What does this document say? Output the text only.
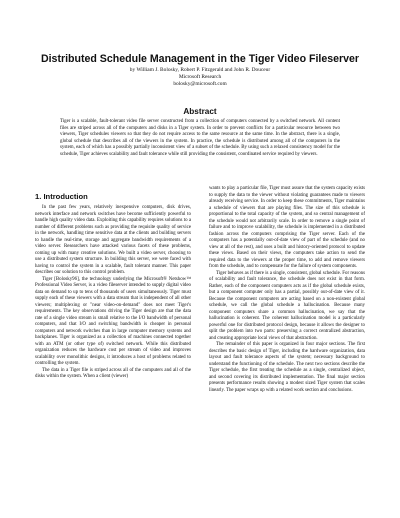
Distributed Schedule Management in the Tiger Video Fileserver
by William J. Bolosky, Robert P. Fitzgerald and John R. Douceur
Microsoft Research
bolosky@microsoft.com
Abstract
Tiger is a scalable, fault-tolerant video file server constructed from a collection of computers connected by a switched network. All content files are striped across all of the computers and disks in a Tiger system. In order to prevent conflicts for a particular resource between two viewers, Tiger schedules viewers so that they do not require access to the same resource at the same time. In the abstract, there is a single, global schedule that describes all of the viewers in the system. In practice, the schedule is distributed among all of the computers in the system, each of which has a possibly partially inconsistent view of a subset of the schedule. By using such a relaxed consistency model for the schedule, Tiger achieves scalability and fault tolerance while still providing the consistent, coordinated service required by viewers.
1. Introduction

In the past few years, relatively inexpensive computers, disk drives, network interface and network switches have become sufficiently powerful to handle high quality video data. Exploiting this capability requires solutions to a number of different problems such as providing the requisite quality of service in the network, handling time sensitive data at the clients and building servers to handle the real-time, storage and aggregate bandwidth requirements of a video server. Researchers have attacked various facets of these problems, coming up with many creative solutions. We built a video server, choosing to use a distributed system structure. In building this server, we were faced with having to control the system in a scalable, fault tolerant manner. This paper describes our solution to this control problem.

Tiger [Bolosky96], the technology underlying the Microsoft® Netshow™ Professional Video Server, is a video fileserver intended to supply digital video data on demand to up to tens of thousands of users simultaneously. Tiger must supply each of these viewers with a data stream that is independent of all other viewers; multiplexing or "near video-on-demand" does not meet Tiger's requirements. The key observations driving the Tiger design are that the data rate of a single video stream is small relative to the I/O bandwidth of personal computers, and that I/O and switching bandwidth is cheaper in personal computers and network switches than in large computer memory systems and backplanes. Tiger is organized as a collection of machines connected together with an ATM (or other type of) switched network. While this distributed organization reduces the hardware cost per stream of video and improves scalability over monolithic designs, it introduces a host of problems related to controlling the system.

The data in a Tiger file is striped across all of the computers and all of the disks within the system. When a client (viewer)

wants to play a particular file, Tiger must assure that the system capacity exists to supply the data to the viewer without violating guarantees made to viewers already receiving service. In order to keep these commitments, Tiger maintains a schedule of viewers that are playing files. The size of this schedule is proportional to the total capacity of the system, and so central management of the schedule would not arbitrarily scale. In order to remove a single point of failure and to improve scalability, the schedule is implemented in a distributed fashion across the computers comprising the Tiger server. Each of the computers has a potentially out-of-date view of part of the schedule (and no view at all of the rest), and uses a built and history-oriented protocol to update these views. Based on their views, the computers take action to send the required data to the viewers at the proper time, to add and remove viewers from the schedule, and to compensate for the failure of system components.

Tiger behaves as if there is a single, consistent, global schedule. For reasons of scalability and fault tolerance, the schedule does not exist in that form. Rather, each of the component computers acts as if the global schedule exists, but a component computer only has a partial, possibly out-of-date view of it. Because the component computers are acting based on a non-existent global schedule, we call the global schedule a hallucination. Because many component computers share a common hallucination, we say that the hallucination is coherent. The coherent hallucination model is a particularly powerful one for distributed protocol design, because it allows the designer to split the problem into two parts: preserving a correct centralized abstraction, and creating appropriate local views of that abstraction.

The remainder of this paper is organized in four major sections. The first describes the basic design of Tiger, including the hardware organization, data layout and fault tolerance aspects of the system; necessary background to understand the functioning of the schedule. The next two sections describe the Tiger schedule, the first treating the schedule as a single, centralized object, and second covering its distributed implementation. The final major section presents performance results showing a modest sized Tiger system that scales linearly. The paper wraps up with a related work section and conclusions.
